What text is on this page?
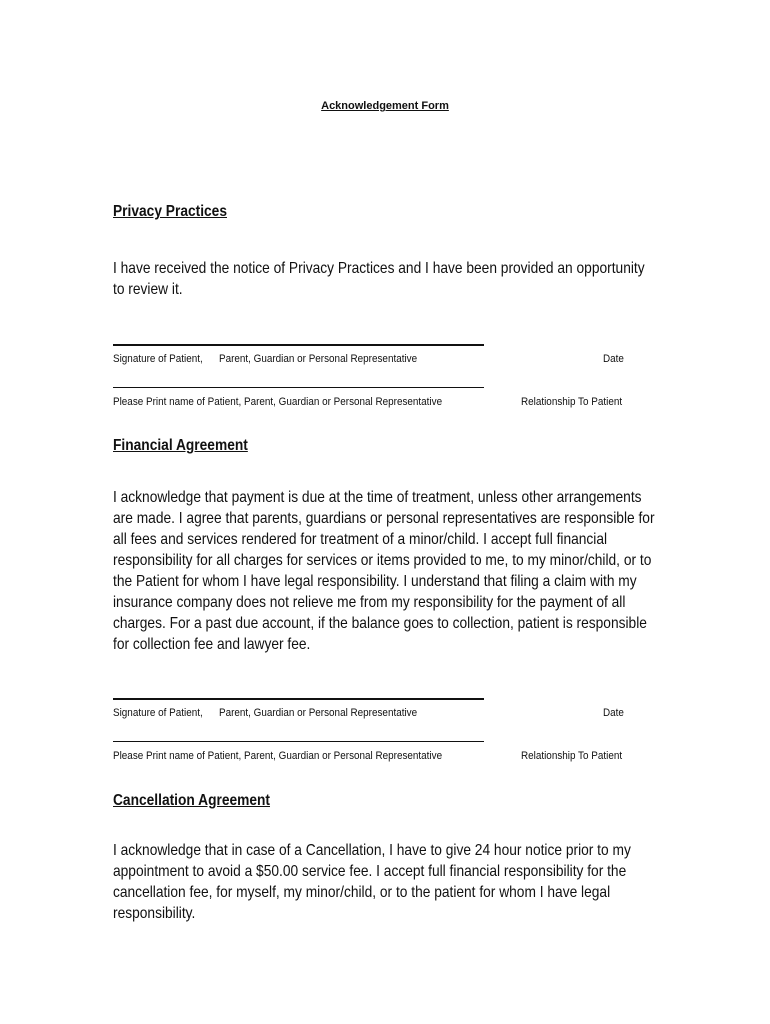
Acknowledgement Form
Privacy Practices
I have received the notice of Privacy Practices and I have been provided an opportunity to review it.
Signature of Patient, Parent, Guardian or Personal Representative	Date
Please Print name of Patient, Parent, Guardian or Personal Representative	Relationship To Patient
Financial Agreement
I acknowledge that payment is due at the time of treatment, unless other arrangements are made. I agree that parents, guardians or personal representatives are responsible for all fees and services rendered for treatment of a minor/child. I accept full financial responsibility for all charges for services or items provided to me, to my minor/child, or to the Patient for whom I have legal responsibility. I understand that filing a claim with my insurance company does not relieve me from my responsibility for the payment of all charges. For a past due account, if the balance goes to collection, patient is responsible for collection fee and lawyer fee.
Signature of Patient, Parent, Guardian or Personal Representative	Date
Please Print name of Patient, Parent, Guardian or Personal Representative	Relationship To Patient
Cancellation Agreement
I acknowledge that in case of a Cancellation, I have to give 24 hour notice prior to my appointment to avoid a $50.00 service fee. I accept full financial responsibility for the cancellation fee, for myself, my minor/child, or to the patient for whom I have legal responsibility.
